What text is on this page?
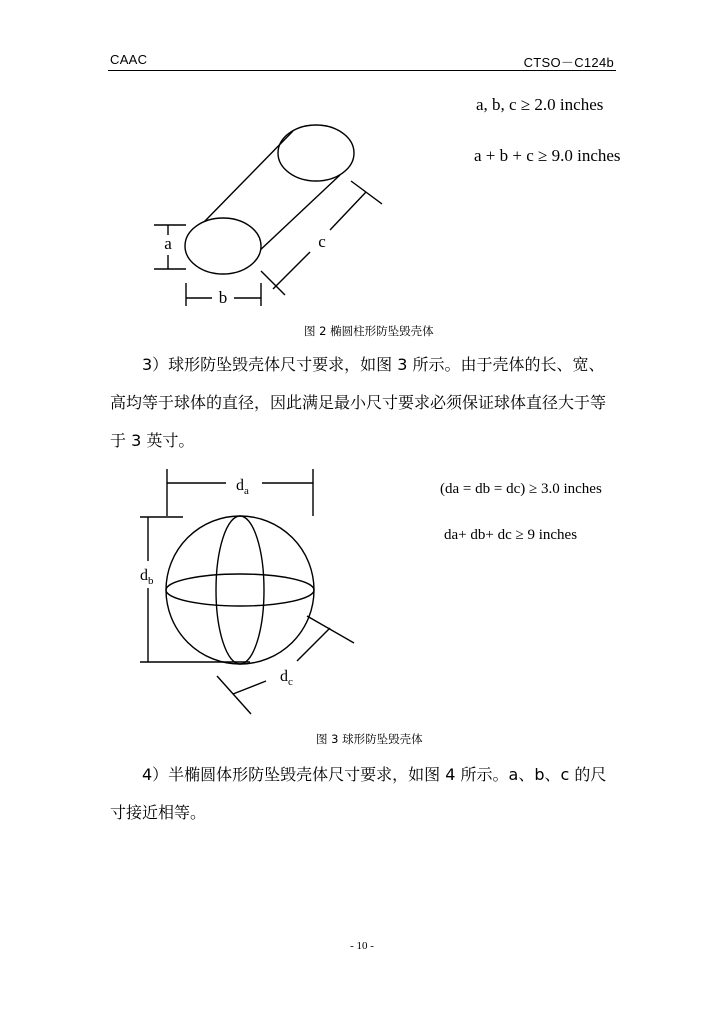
CAAC	CTSO－C124b
a
b
c
a, b, c ≥ 2.0 inches
a + b + c ≥ 9.0 inches
图 2 椭圆柱形防坠毁壳体
3）球形防坠毁壳体尺寸要求，如图 3 所示。由于壳体的长、宽、高均等于球体的直径，因此满足最小尺寸要求必须保证球体直径大于等于 3 英寸。
$d_a$
$d_b$
$d_c$
(da = db = dc) ≥ 3.0 inches
da+ db+ dc ≥ 9 inches
图 3 球形防坠毁壳体
4）半椭圆体形防坠毁壳体尺寸要求，如图 4 所示。a、b、c 的尺寸接近相等。
- 10 -
